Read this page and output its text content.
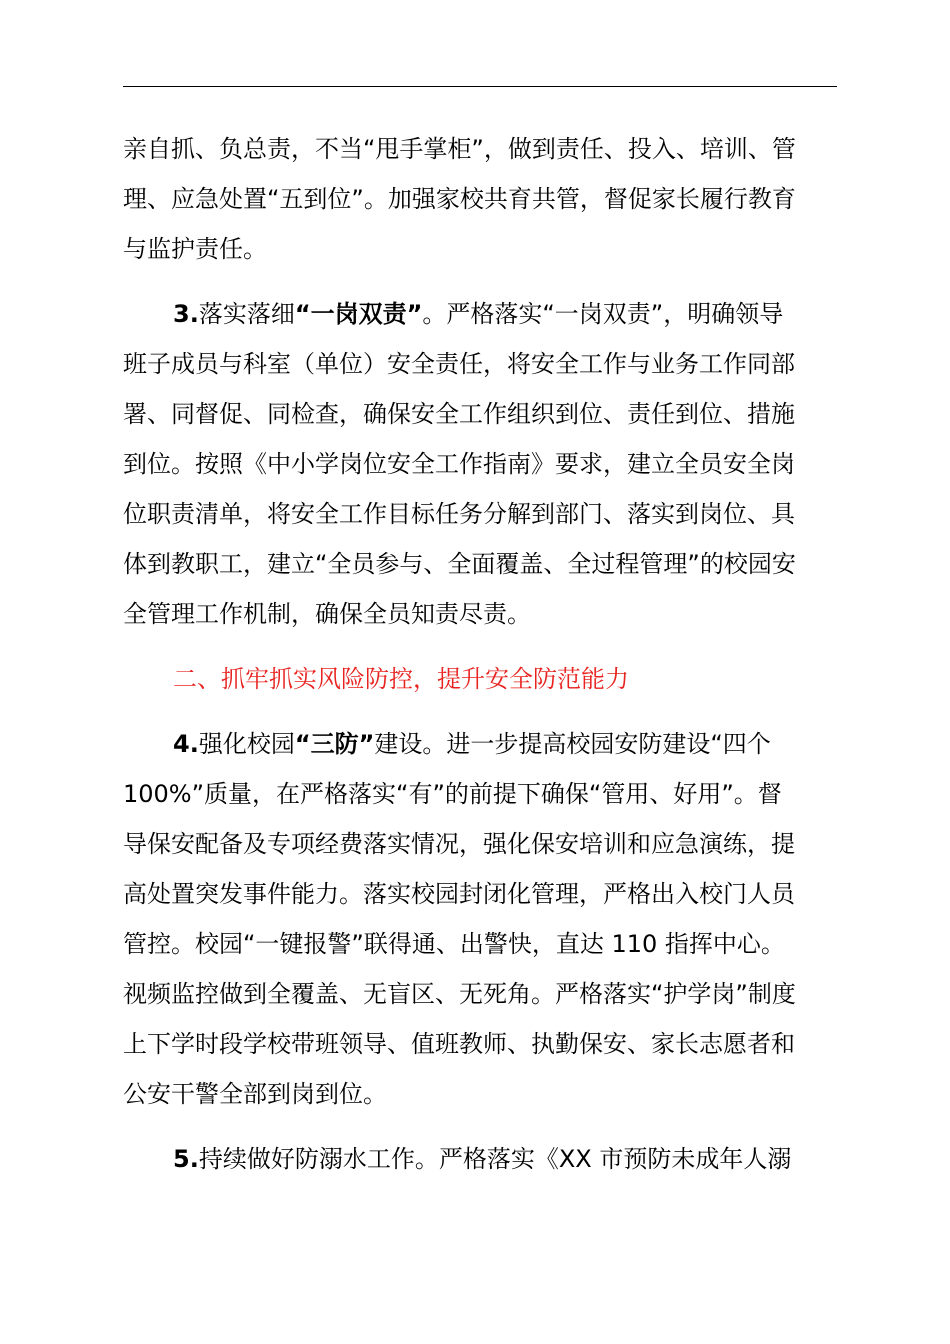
亲自抓、负总责，不当“甩手掌柜”，做到责任、投入、培训、管
理、应急处置“五到位”。加强家校共育共管，督促家长履行教育
与监护责任。
3.落实落细“一岗双责”。严格落实“一岗双责”，明确领导
班子成员与科室（单位）安全责任，将安全工作与业务工作同部
署、同督促、同检查，确保安全工作组织到位、责任到位、措施
到位。按照《中小学岗位安全工作指南》要求，建立全员安全岗
位职责清单，将安全工作目标任务分解到部门、落实到岗位、具
体到教职工，建立“全员参与、全面覆盖、全过程管理”的校园安
全管理工作机制，确保全员知责尽责。
二、抓牢抓实风险防控，提升安全防范能力
4.强化校园“三防”建设。进一步提高校园安防建设“四个
100%”质量，在严格落实“有”的前提下确保“管用、好用”。督
导保安配备及专项经费落实情况，强化保安培训和应急演练，提
高处置突发事件能力。落实校园封闭化管理，严格出入校门人员
管控。校园“一键报警”联得通、出警快，直达 110 指挥中心。
视频监控做到全覆盖、无盲区、无死角。严格落实“护学岗”制度
上下学时段学校带班领导、值班教师、执勤保安、家长志愿者和
公安干警全部到岗到位。
5.持续做好防溺水工作。严格落实《XX 市预防未成年人溺
